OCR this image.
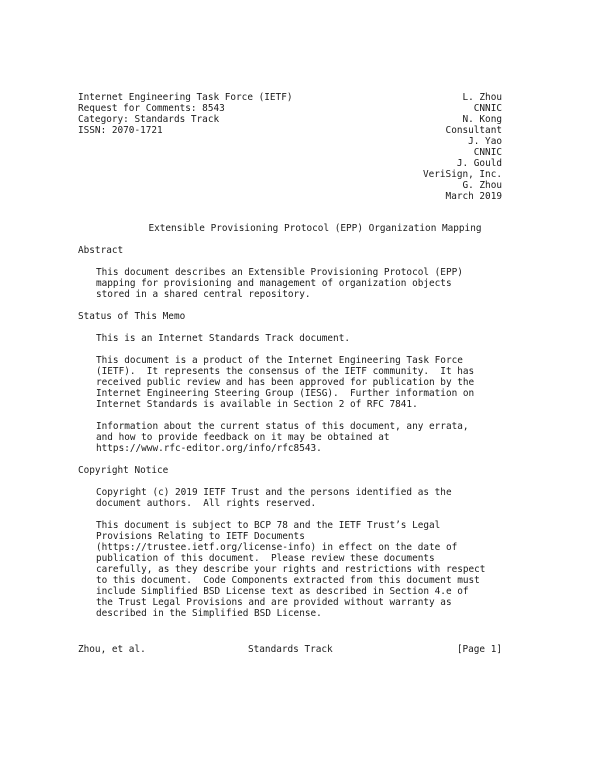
Internet Engineering Task Force (IETF)
Request for Comments: 8543
Category: Standards Track
ISSN: 2070-1721
L. Zhou
CNNIC
N. Kong
Consultant
J. Yao
CNNIC
J. Gould
VeriSign, Inc.
G. Zhou
March 2019
Extensible Provisioning Protocol (EPP) Organization Mapping
Abstract
This document describes an Extensible Provisioning Protocol (EPP)
mapping for provisioning and management of organization objects
stored in a shared central repository.
Status of This Memo
This is an Internet Standards Track document.
This document is a product of the Internet Engineering Task Force
(IETF).  It represents the consensus of the IETF community.  It has
received public review and has been approved for publication by the
Internet Engineering Steering Group (IESG).  Further information on
Internet Standards is available in Section 2 of RFC 7841.
Information about the current status of this document, any errata,
and how to provide feedback on it may be obtained at
https://www.rfc-editor.org/info/rfc8543.
Copyright Notice
Copyright (c) 2019 IETF Trust and the persons identified as the
document authors.  All rights reserved.
This document is subject to BCP 78 and the IETF Trust’s Legal
Provisions Relating to IETF Documents
(https://trustee.ietf.org/license-info) in effect on the date of
publication of this document.  Please review these documents
carefully, as they describe your rights and restrictions with respect
to this document.  Code Components extracted from this document must
include Simplified BSD License text as described in Section 4.e of
the Trust Legal Provisions and are provided without warranty as
described in the Simplified BSD License.
Zhou, et al.	Standards Track	[Page 1]
